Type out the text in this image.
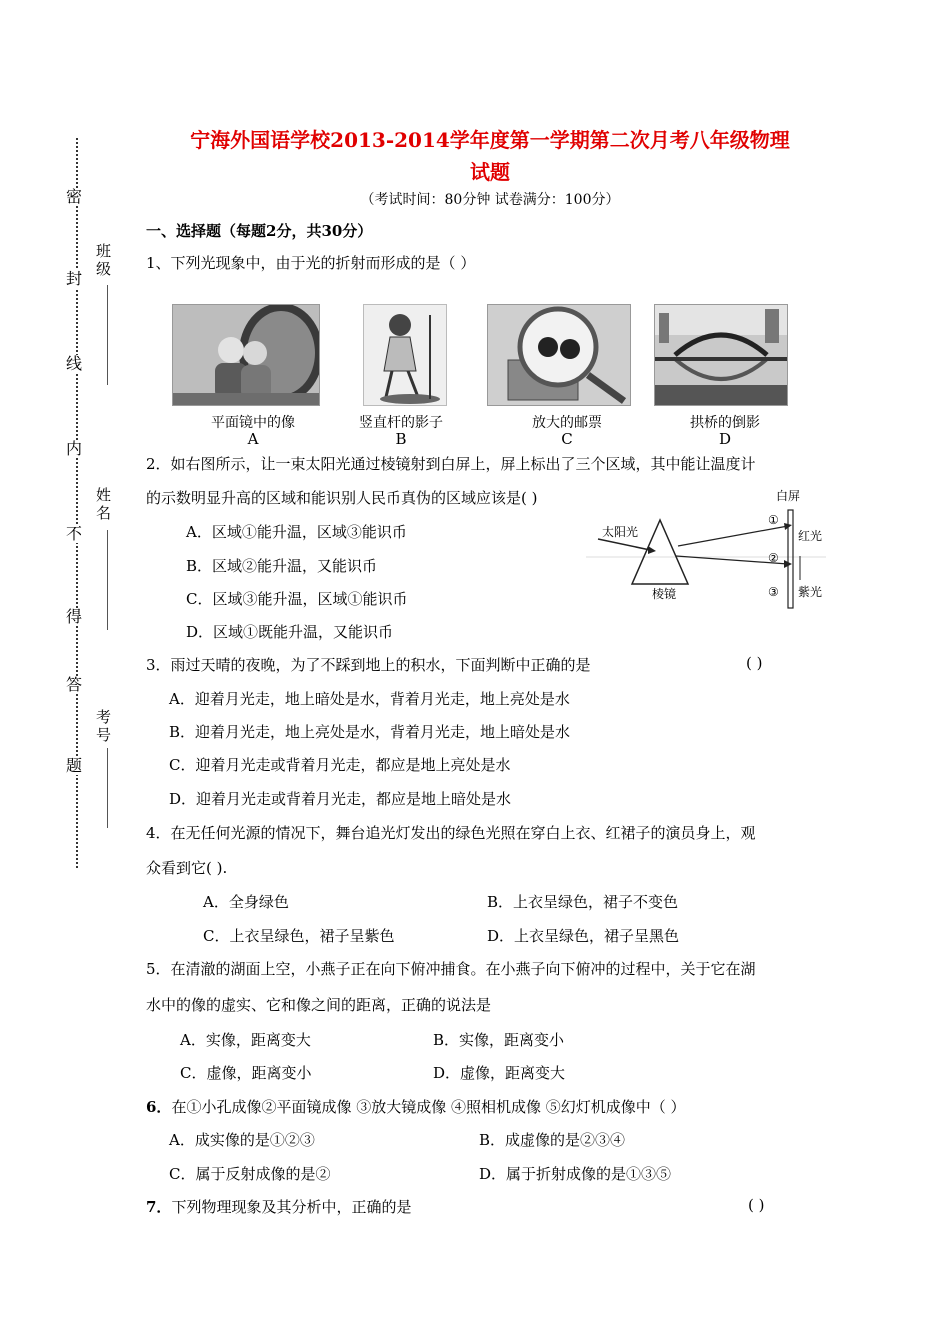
密
封
线
内
不
得
答
题
班级
姓名
考号
宁海外国语学校2013-2014学年度第一学期第二次月考八年级物理
试题
（考试时间：80分钟 试卷满分：100分）
一、选择题（每题2分，共30分）
1、下列光现象中，由于光的折射而形成的是（ ）
平面镜中的像
A
竖直杆的影子
B
放大的邮票
C
拱桥的倒影
D
2．如右图所示，让一束太阳光通过棱镜射到白屏上，屏上标出了三个区域，其中能让温度计
的示数明显升高的区域和能识别人民币真伪的区域应该是( )
A．区域①能升温，区域③能识币
B．区域②能升温，又能识币
C．区域③能升温，区域①能识币
D．区域①既能升温，又能识币
太阳光
棱镜
白屏
红光
紫光
①
②
③
3．雨过天晴的夜晚，为了不踩到地上的积水，下面判断中正确的是	( )
A．迎着月光走，地上暗处是水，背着月光走，地上亮处是水
B．迎着月光走，地上亮处是水，背着月光走，地上暗处是水
C．迎着月光走或背着月光走，都应是地上亮处是水
D．迎着月光走或背着月光走，都应是地上暗处是水
4．在无任何光源的情况下，舞台追光灯发出的绿色光照在穿白上衣、红裙子的演员身上，观
众看到它( ).
A．全身绿色	B．上衣呈绿色，裙子不变色
C．上衣呈绿色，裙子呈紫色	D．上衣呈绿色，裙子呈黑色
5．在清澈的湖面上空，小燕子正在向下俯冲捕食。在小燕子向下俯冲的过程中，关于它在湖
水中的像的虚实、它和像之间的距离，正确的说法是
A．实像，距离变大	B．实像，距离变小
C．虚像，距离变小	D．虚像，距离变大
6．在①小孔成像②平面镜成像 ③放大镜成像 ④照相机成像 ⑤幻灯机成像中（ ）
A．成实像的是①②③	B．成虚像的是②③④
C．属于反射成像的是②	D．属于折射成像的是①③⑤
7．下列物理现象及其分析中，正确的是	( )
